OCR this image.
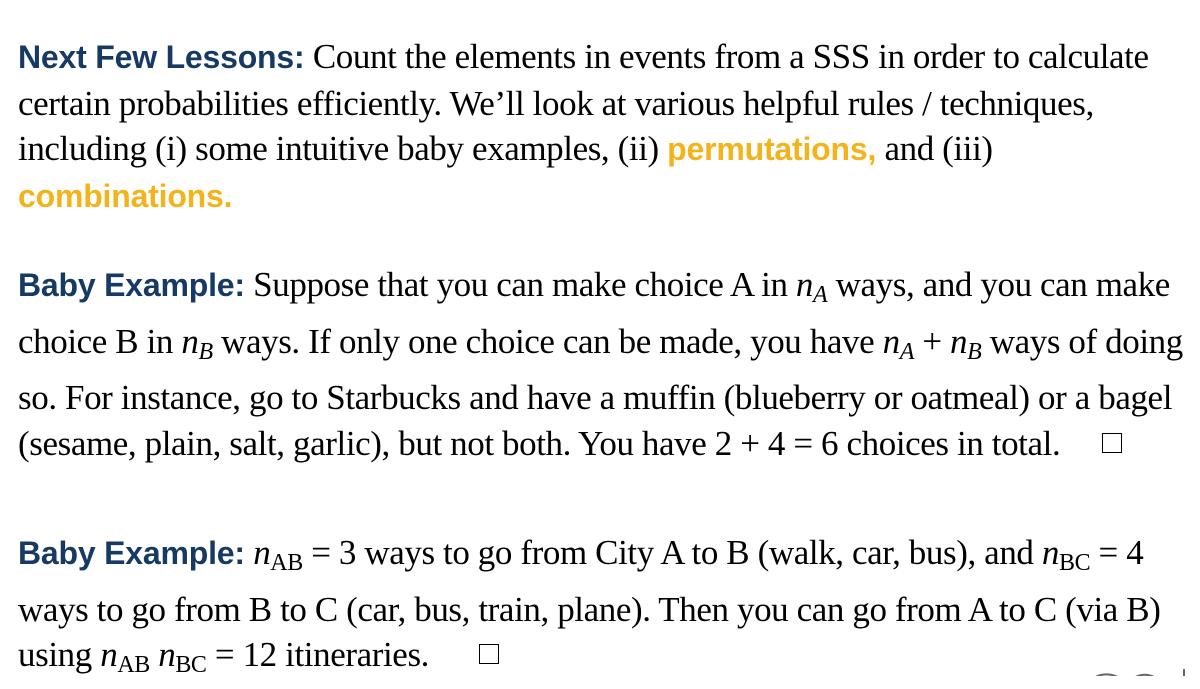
Next Few Lessons: Count the elements in events from a SSS in order to calculate certain probabilities efficiently. We’ll look at various helpful rules / techniques, including (i) some intuitive baby examples, (ii) permutations, and (iii) combinations.
Baby Example: Suppose that you can make choice A in $n_A$ ways, and you can make choice B in $n_B$ ways. If only one choice can be made, you have $n_A + n_B$ ways of doing so. For instance, go to Starbucks and have a muffin (blueberry or oatmeal) or a bagel (sesame, plain, salt, garlic), but not both. You have 2 + 4 = 6 choices in total.
Baby Example: nAB = 3 ways to go from City A to B (walk, car, bus), and nBC = 4 ways to go from B to C (car, bus, train, plane). Then you can go from A to C (via B) using nAB nBC = 12 itineraries.
